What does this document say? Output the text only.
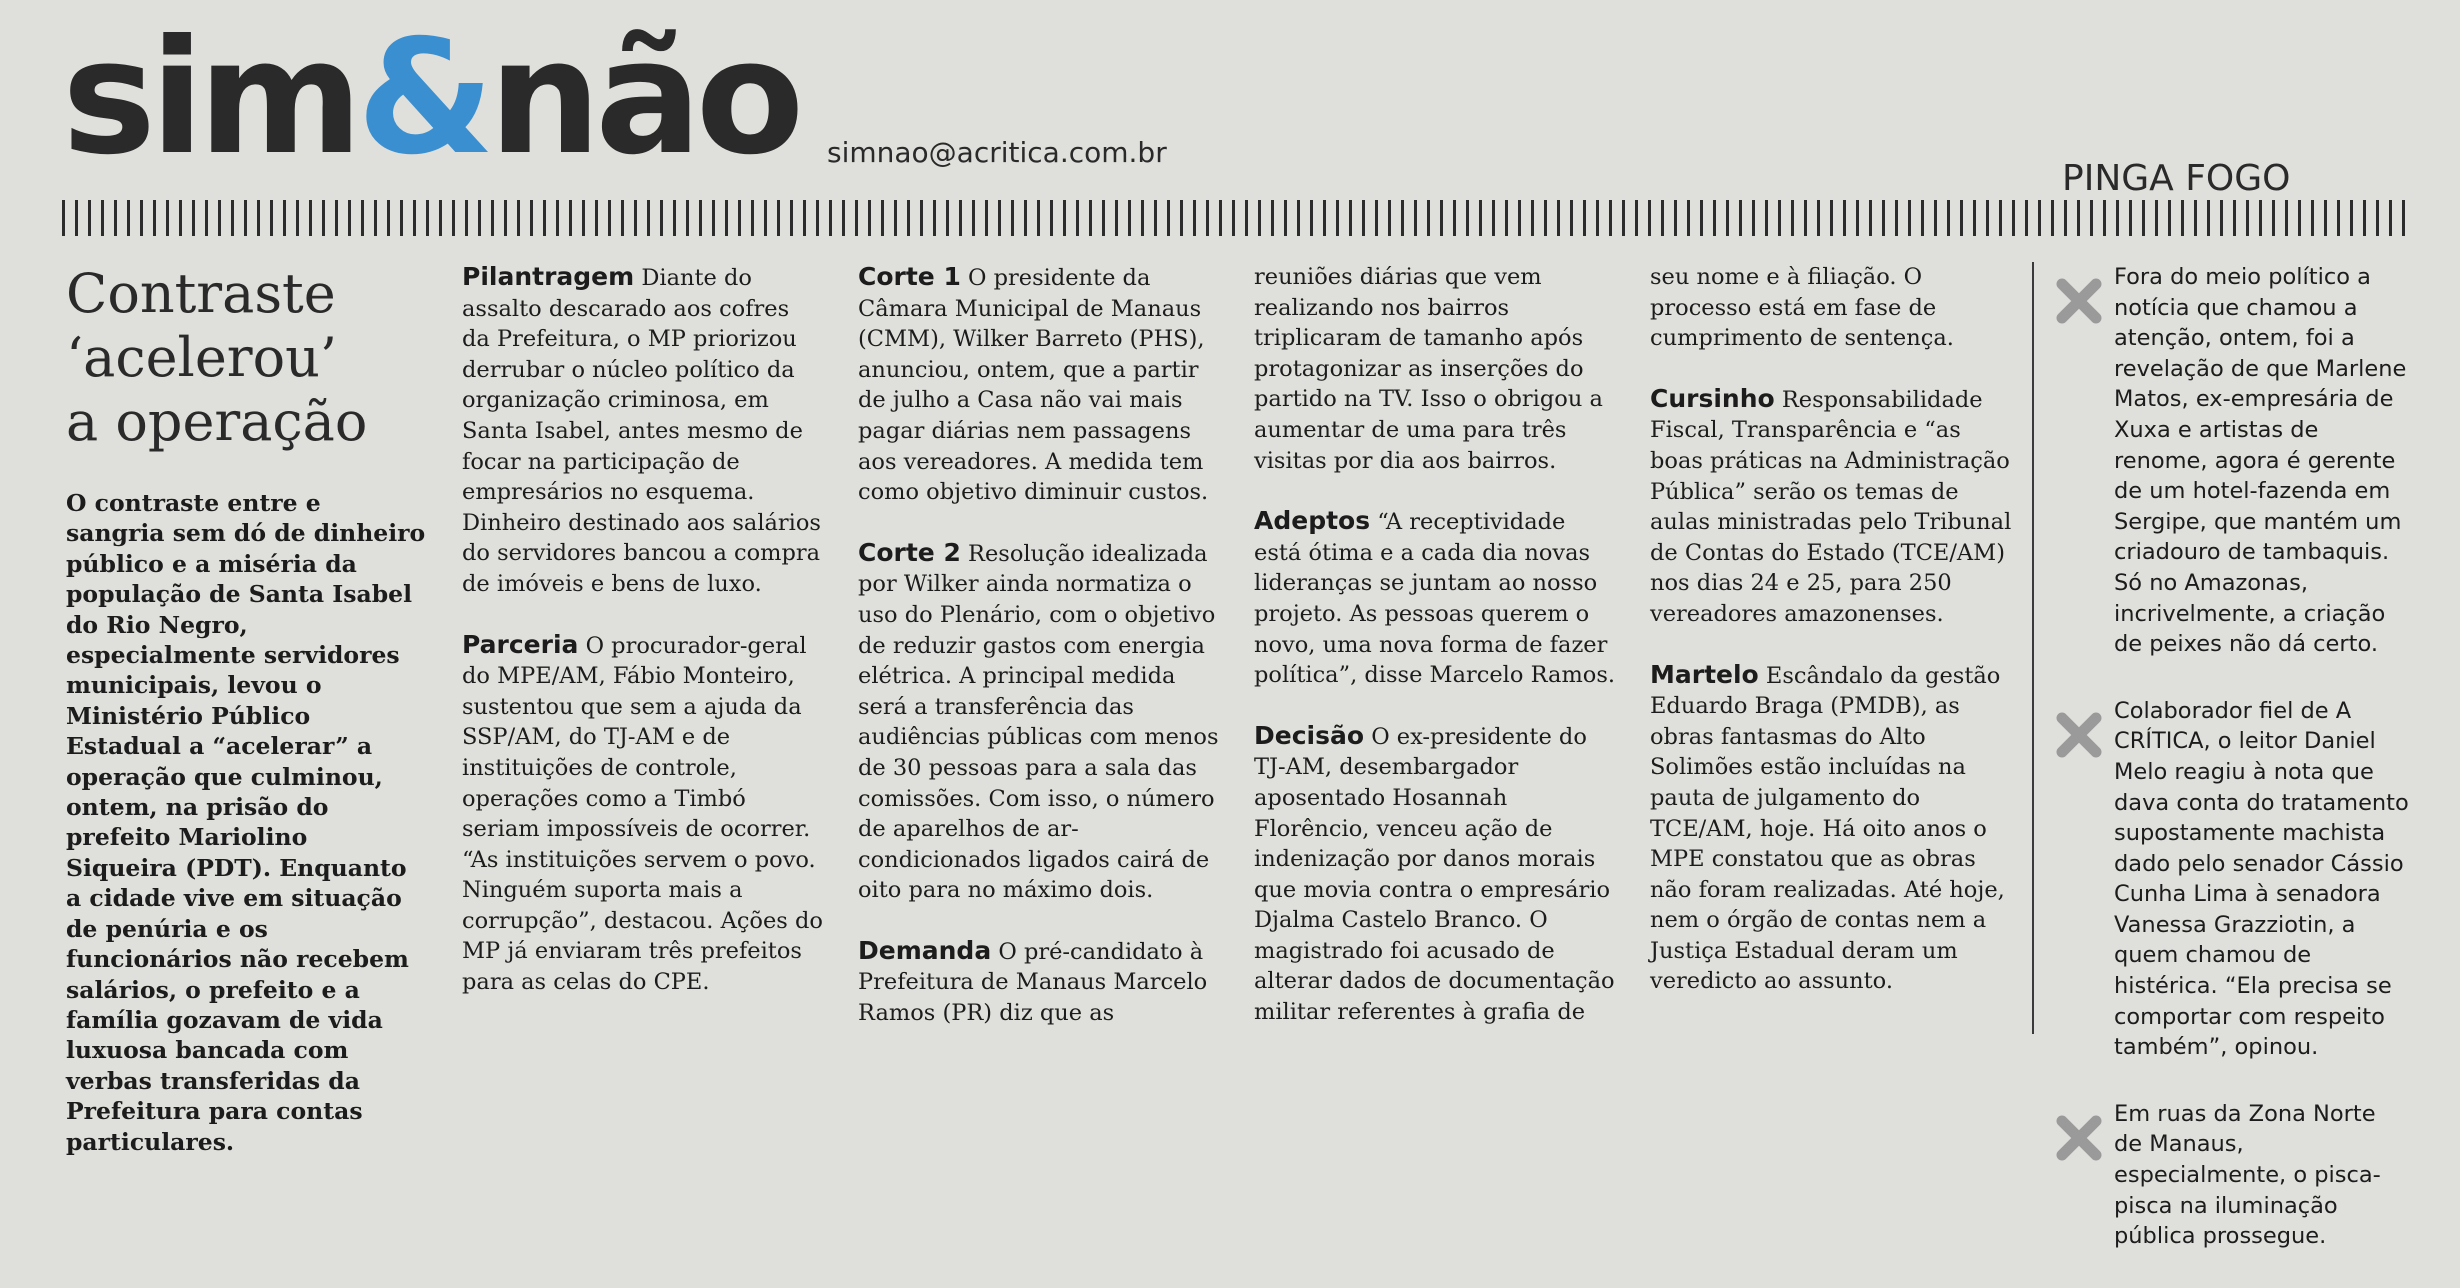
sim&não simnao@acritica.com.br
PINGA FOGO
Contraste
‘acelerou’
a operação

O contraste entre e sangria sem dó de dinheiro público e a miséria da população de Santa Isabel do Rio Negro, especialmente servidores municipais, levou o Ministério Público Estadual a “acelerar” a operação que culminou, ontem, na prisão do prefeito Mariolino Siqueira (PDT). Enquanto a cidade vive em situação de penúria e os funcionários não recebem salários, o prefeito e a família gozavam de vida luxuosa bancada com verbas transferidas da Prefeitura para contas particulares.

Pilantragem Diante do assalto descarado aos cofres da Prefeitura, o MP priorizou derrubar o núcleo político da organização criminosa, em Santa Isabel, antes mesmo de focar na participação de empresários no esquema. Dinheiro destinado aos salários do servidores bancou a compra de imóveis e bens de luxo.

Parceria O procurador-geral do MPE/AM, Fábio Monteiro, sustentou que sem a ajuda da SSP/AM, do TJ-AM e de instituições de controle, operações como a Timbó seriam impossíveis de ocorrer. “As instituições servem o povo. Ninguém suporta mais a corrupção”, destacou. Ações do MP já enviaram três prefeitos para as celas do CPE.

Corte 1 O presidente da Câmara Municipal de Manaus (CMM), Wilker Barreto (PHS), anunciou, ontem, que a partir de julho a Casa não vai mais pagar diárias nem passagens aos vereadores. A medida tem como objetivo diminuir custos.

Corte 2 Resolução idealizada por Wilker ainda normatiza o uso do Plenário, com o objetivo de reduzir gastos com energia elétrica. A principal medida será a transferência das audiências públicas com menos de 30 pessoas para a sala das comissões. Com isso, o número de aparelhos de ar-condicionados ligados cairá de oito para no máximo dois.

Demanda O pré-candidato à Prefeitura de Manaus Marcelo Ramos (PR) diz que as

reuniões diárias que vem realizando nos bairros triplicaram de tamanho após protagonizar as inserções do partido na TV. Isso o obrigou a aumentar de uma para três visitas por dia aos bairros.

Adeptos “A receptividade está ótima e a cada dia novas lideranças se juntam ao nosso projeto. As pessoas querem o novo, uma nova forma de fazer política”, disse Marcelo Ramos.

Decisão O ex-presidente do TJ-AM, desembargador aposentado Hosannah Florêncio, venceu ação de indenização por danos morais que movia contra o empresário Djalma Castelo Branco. O magistrado foi acusado de alterar dados de documentação militar referentes à grafia de

seu nome e à filiação. O processo está em fase de cumprimento de sentença.

Cursinho Responsabilidade Fiscal, Transparência e “as boas práticas na Administração Pública” serão os temas de aulas ministradas pelo Tribunal de Contas do Estado (TCE/AM) nos dias 24 e 25, para 250 vereadores amazonenses.

Martelo Escândalo da gestão Eduardo Braga (PMDB), as obras fantasmas do Alto Solimões estão incluídas na pauta de julgamento do TCE/AM, hoje. Há oito anos o MPE constatou que as obras não foram realizadas. Até hoje, nem o órgão de contas nem a Justiça Estadual deram um veredicto ao assunto.

Fora do meio político a notícia que chamou a atenção, ontem, foi a revelação de que Marlene Matos, ex-empresária de Xuxa e artistas de renome, agora é gerente de um hotel-fazenda em Sergipe, que mantém um criadouro de tambaquis. Só no Amazonas, incrivelmente, a criação de peixes não dá certo.
Colaborador fiel de A CRÍTICA, o leitor Daniel Melo reagiu à nota que dava conta do tratamento supostamente machista dado pelo senador Cássio Cunha Lima à senadora Vanessa Grazziotin, a quem chamou de histérica. “Ela precisa se comportar com respeito também”, opinou.
Em ruas da Zona Norte de Manaus, especialmente, o pisca-pisca na iluminação pública prossegue.
